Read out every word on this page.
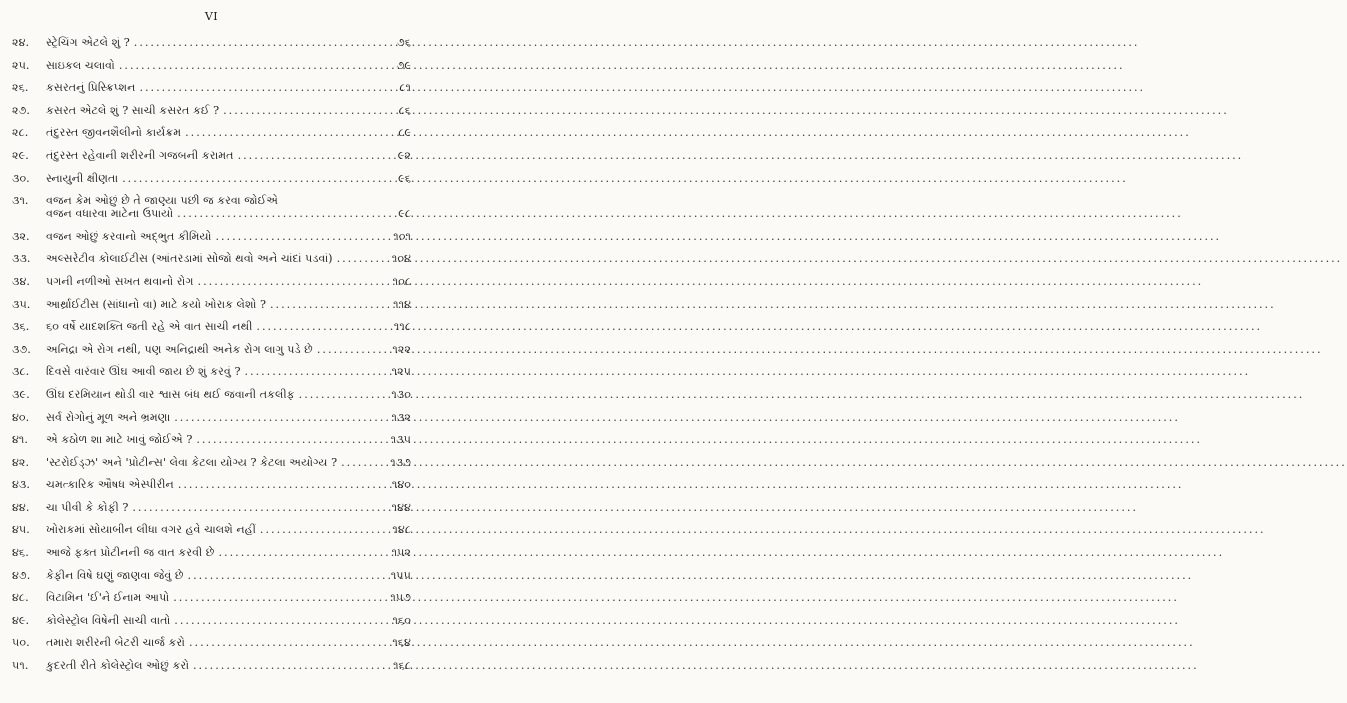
VI
૨૪.	સ્ટ્રેચિંગ એટલે શું ? .....	૭૬
૨૫.	સાઇકલ ચલાવો .....	૭૯
૨૬.	કસરતનું પ્રિસ્ક્રિપ્શન .....	૮૧
૨૭.	કસરત એટલે શું ? સાચી કસરત કઈ ? .....	૮૬
૨૮.	તંદુરસ્ત જીવનશૈલીનો કાર્યક્રમ .....	૮૯
૨૯.	તંદુરસ્ત રહેવાની શરીરની ગજબની કરામત .....	૯૨
૩૦.	સ્નાયુની ક્ષીણતા .....	૯૬
૩૧.	વજન કેમ ઓછું છે તે જાણ્યા પછી જ કરવા જોઈએ
વજન વધારવા માટેના ઉપાયો .....	૯૮
૩૨.	વજન ઓછું કરવાનો અદ્ભુત કીમિયો .....	૧૦૧
૩૩.	અલ્સરેટીવ કોલાઈટીસ (આંતરડામાં સોજો થવો અને ચાંદાં પડવાં) .....	૧૦૪
૩૪.	પગની નળીઓ સખત થવાનો રોગ .....	૧૦૮
૩૫.	આર્થ્રાઈટીસ (સાંધાનો વા) માટે કયો ખોરાક લેશો ? .....	૧૧૪
૩૬.	૬૦ વર્ષે યાદશક્તિ જતી રહે એ વાત સાચી નથી .....	૧૧૮
૩૭.	અનિદ્રા એ રોગ નથી, પણ અનિદ્રાથી અનેક રોગ લાગુ પડે છે .....	૧૨૨
૩૮.	દિવસે વારંવાર ઊંઘ આવી જાય છે શું કરવું ? .....	૧૨૫
૩૯.	ઊંઘ દરમિયાન થોડી વાર શ્વાસ બંધ થઈ જવાની તકલીફ .....	૧૩૦
૪૦.	સર્વ રોગોનું મૂળ અને ભ્રમણા .....	૧૩૨
૪૧.	એ કઠોળ શા માટે ખાવું જોઈએ ? .....	૧૩૫
૪૨.	'સ્ટરોઈડ્ઝ' અને 'પ્રોટીન્સ' લેવા કેટલા યોગ્ય ? કેટલા અયોગ્ય ? .....	૧૩૭
૪૩.	ચમત્કારિક ઔષધ એસ્પીરીન .....	૧૪૦
૪૪.	ચા પીવી કે કોફી ? .....	૧૪૪
૪૫.	ખોરાકમાં સોયાબીન લીધા વગર હવે ચાલશે નહીં .....	૧૪૮
૪૬.	આજે ફક્ત પ્રોટીનની જ વાત કરવી છે .....	૧૫૨
૪૭.	કેફીન વિષે ઘણું જાણવા જેવું છે .....	૧૫૫
૪૮.	વિટામિન 'ઈ'ને ઈનામ આપો .....	૧૫૭
૪૯.	કોલેસ્ટ્રોલ વિષેની સાચી વાતો .....	૧૬૦
૫૦.	તમારા શરીરની બેટરી ચાર્જ કરો .....	૧૬૪
૫૧.	કુદરતી રીતે કોલેસ્ટ્રોલ ઓછું કરો .....	૧૬૮
